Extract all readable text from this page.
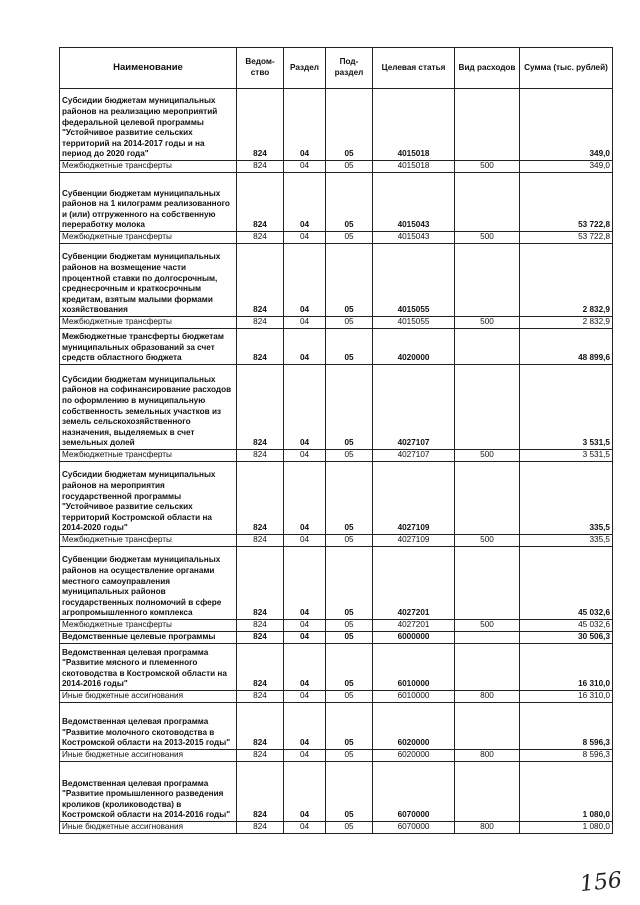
Наименование	Ведом-ство	Раздел	Под-раздел	Целевая статья	Вид расходов	Сумма (тыс. рублей)
Субсидии бюджетам муниципальных районов на реализацию мероприятий федеральной целевой программы "Устойчивое развитие сельских территорий на 2014-2017 годы и на период до 2020 года"	824	04	05	4015018		349,0
Межбюджетные трансферты	824	04	05	4015018	500	349,0
Субвенции бюджетам муниципальных районов на 1 килограмм реализованного и (или) отгруженного на собственную переработку молока	824	04	05	4015043		53 722,8
Межбюджетные трансферты	824	04	05	4015043	500	53 722,8
Субвенции бюджетам муниципальных районов на возмещение части процентной ставки по долгосрочным, среднесрочным и краткосрочным кредитам, взятым малыми формами хозяйствования	824	04	05	4015055		2 832,9
Межбюджетные трансферты	824	04	05	4015055	500	2 832,9
Межбюджетные трансферты бюджетам муниципальных образований за счет средств областного бюджета	824	04	05	4020000		48 899,6
Субсидии бюджетам муниципальных районов на софинансирование расходов по оформлению в муниципальную собственность земельных участков из земель сельскохозяйственного назначения, выделяемых в счет земельных долей	824	04	05	4027107		3 531,5
Межбюджетные трансферты	824	04	05	4027107	500	3 531,5
Субсидии бюджетам муниципальных районов на мероприятия государственной программы "Устойчивое развитие сельских территорий Костромской области на 2014-2020 годы"	824	04	05	4027109		335,5
Межбюджетные трансферты	824	04	05	4027109	500	335,5
Субвенции бюджетам муниципальных районов на осуществление органами местного самоуправления муниципальных районов государственных полномочий в сфере агропромышленного комплекса	824	04	05	4027201		45 032,6
Межбюджетные трансферты	824	04	05	4027201	500	45 032,6
Ведомственные целевые программы	824	04	05	6000000		30 506,3
Ведомственная целевая программа "Развитие мясного и племенного скотоводства в Костромской области на 2014-2016 годы"	824	04	05	6010000		16 310,0
Иные бюджетные ассигнования	824	04	05	6010000	800	16 310,0
Ведомственная целевая программа "Развитие молочного скотоводства в Костромской области на 2013-2015 годы"	824	04	05	6020000		8 596,3
Иные бюджетные ассигнования	824	04	05	6020000	800	8 596,3
Ведомственная целевая программа "Развитие промышленного разведения кроликов (кролиководства) в Костромской области на 2014-2016 годы"	824	04	05	6070000		1 080,0
Иные бюджетные ассигнования	824	04	05	6070000	800	1 080,0
156
